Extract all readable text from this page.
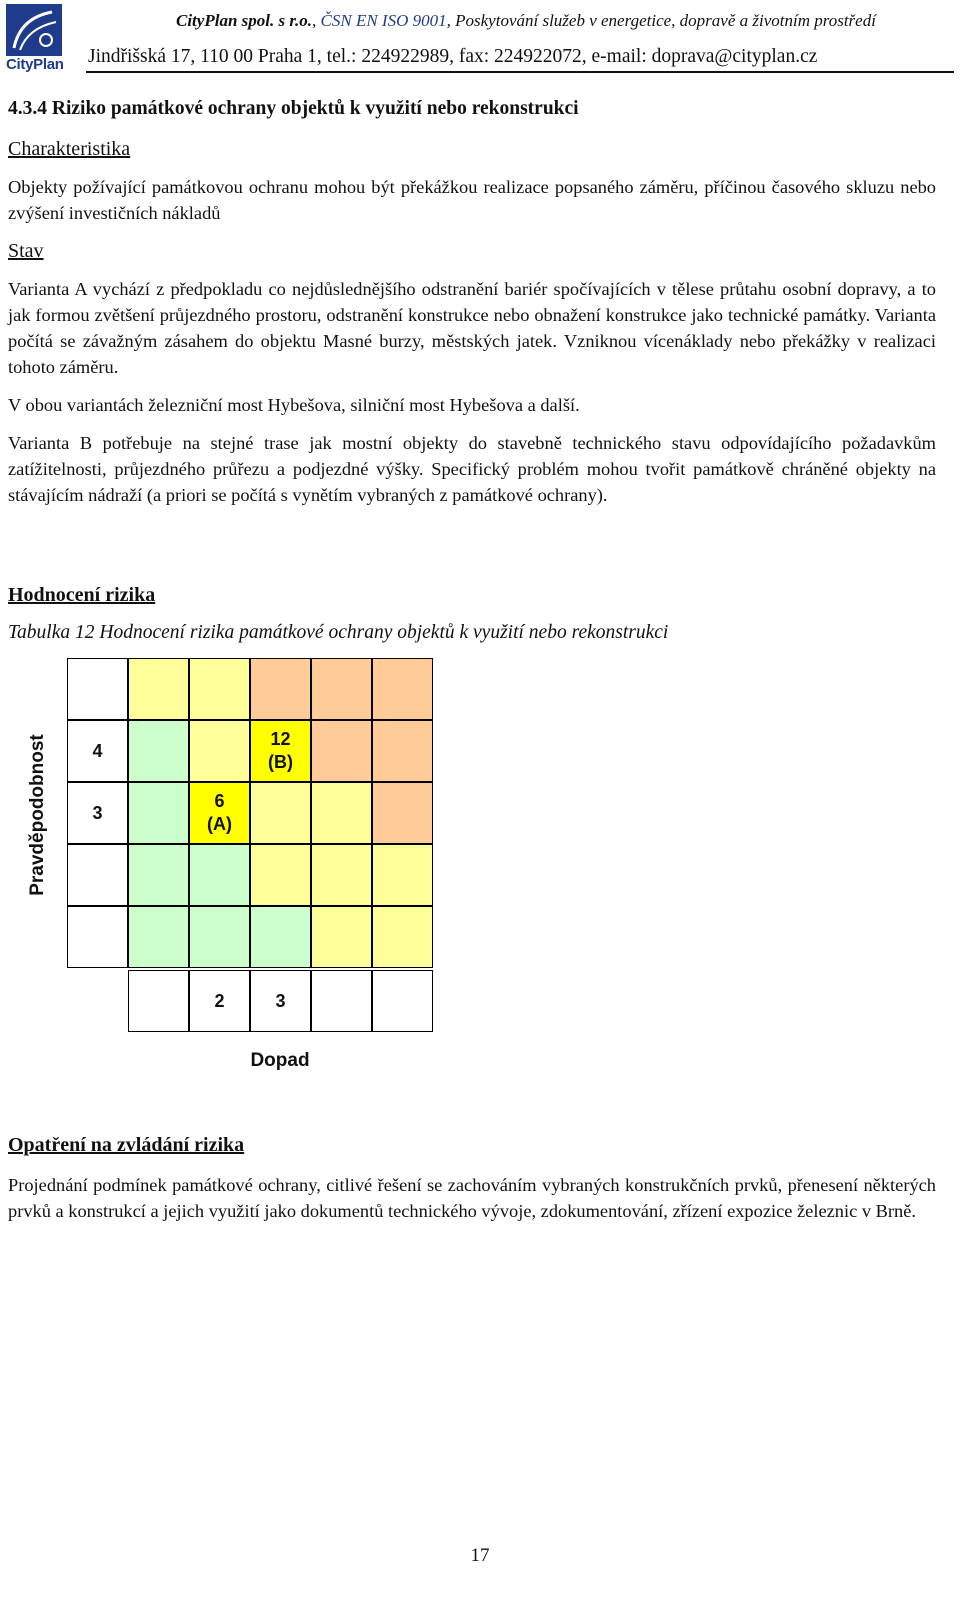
CityPlan
CityPlan spol. s r.o., ČSN EN ISO 9001, Poskytování služeb v energetice, dopravě a životním prostředí
Jindřišská 17, 110 00 Praha 1, tel.: 224922989, fax: 224922072, e-mail: doprava@cityplan.cz
4.3.4 Riziko památkové ochrany objektů k využití nebo rekonstrukci
Charakteristika
Objekty požívající památkovou ochranu mohou být překážkou realizace popsaného záměru, příčinou časového skluzu nebo zvýšení investičních nákladů
Stav
Varianta A vychází z předpokladu co nejdůslednějšího odstranění bariér spočívajících v tělese průtahu osobní dopravy, a to jak formou zvětšení průjezdného prostoru, odstranění konstrukce nebo obnažení konstrukce jako technické památky. Varianta počítá se závažným zásahem do objektu Masné burzy, městských jatek. Vzniknou vícenáklady nebo překážky v realizaci tohoto záměru.
V obou variantách železniční most Hybešova, silniční most Hybešova a další.
Varianta B potřebuje na stejné trase jak mostní objekty do stavebně technického stavu odpovídajícího požadavkům zatížitelnosti, průjezdného průřezu a podjezdné výšky. Specifický problém mohou tvořit památkově chráněné objekty na stávajícím nádraží (a priori se počítá s vynětím vybraných z památkové ochrany).
Hodnocení rizika
Tabulka 12 Hodnocení rizika památkové ochrany objektů k využití nebo rekonstrukci
4
12
(B)
3
6
(A)
2	3
Pravděpodobnost
Dopad
Opatření na zvládání rizika
Projednání podmínek památkové ochrany, citlivé řešení se zachováním vybraných konstrukčních prvků, přenesení některých prvků a konstrukcí a jejich využití jako dokumentů technického vývoje, zdokumentování, zřízení expozice železnic v Brně.
17
